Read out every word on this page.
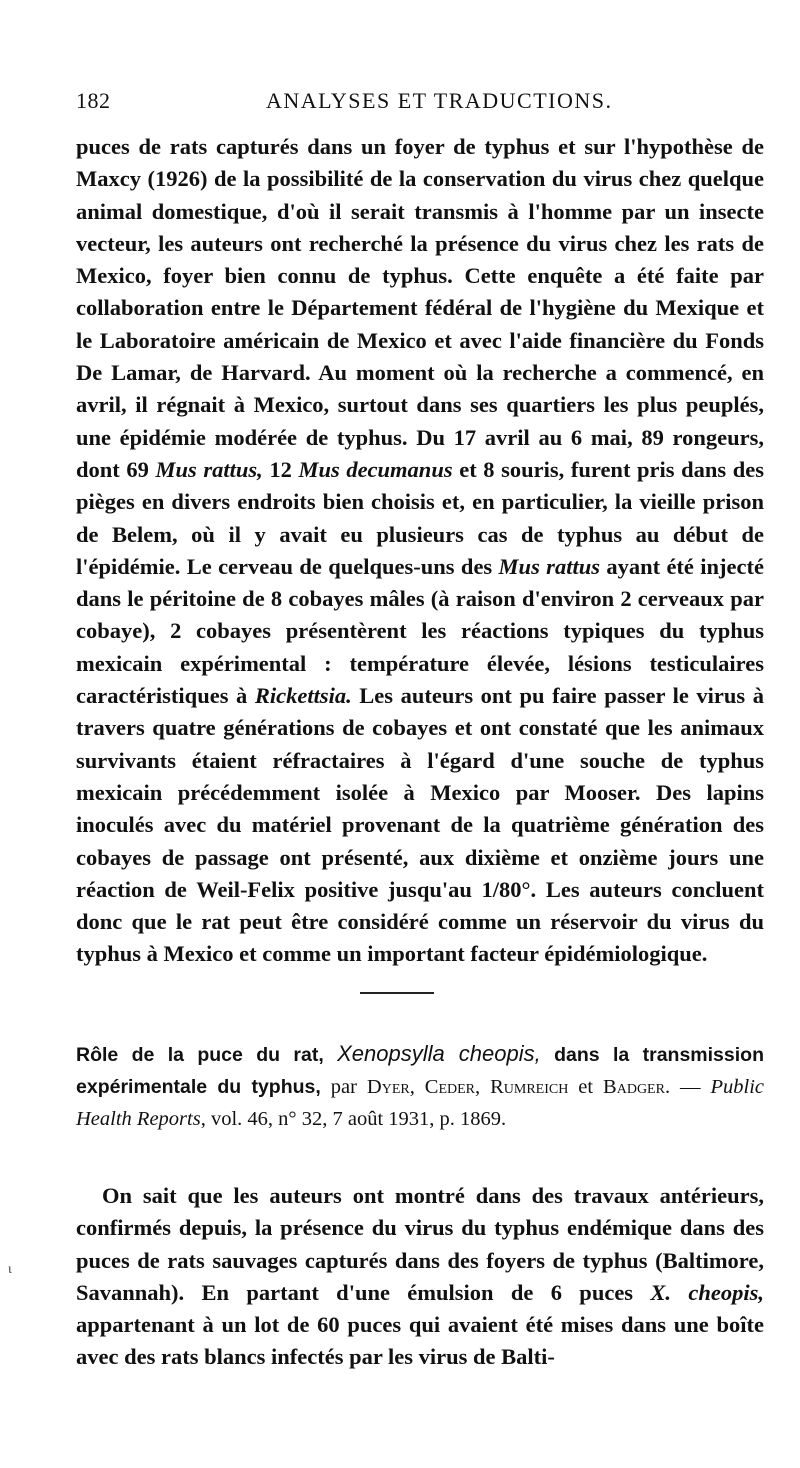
182	ANALYSES ET TRADUCTIONS.

puces de rats capturés dans un foyer de typhus et sur l'hypothèse de Maxcy (1926) de la possibilité de la conservation du virus chez quelque animal domestique, d'où il serait transmis à l'homme par un insecte vecteur, les auteurs ont recherché la présence du virus chez les rats de Mexico, foyer bien connu de typhus. Cette enquête a été faite par collaboration entre le Département fédéral de l'hygiène du Mexique et le Laboratoire américain de Mexico et avec l'aide financière du Fonds De Lamar, de Harvard. Au moment où la recherche a commencé, en avril, il régnait à Mexico, surtout dans ses quartiers les plus peuplés, une épidémie modérée de typhus. Du 17 avril au 6 mai, 89 rongeurs, dont 69 Mus rattus, 12 Mus decumanus et 8 souris, furent pris dans des pièges en divers endroits bien choisis et, en particulier, la vieille prison de Belem, où il y avait eu plusieurs cas de typhus au début de l'épidémie. Le cerveau de quelques-uns des Mus rattus ayant été injecté dans le péritoine de 8 cobayes mâles (à raison d'environ 2 cerveaux par cobaye), 2 cobayes présentèrent les réactions typiques du typhus mexicain expérimental : température élevée, lésions testiculaires caractéristiques à Rickettsia. Les auteurs ont pu faire passer le virus à travers quatre générations de cobayes et ont constaté que les animaux survivants étaient réfractaires à l'égard d'une souche de typhus mexicain précédemment isolée à Mexico par Mooser. Des lapins inoculés avec du matériel provenant de la quatrième génération des cobayes de passage ont présenté, aux dixième et onzième jours une réaction de Weil-Felix positive jusqu'au 1/80°. Les auteurs concluent donc que le rat peut être considéré comme un réservoir du virus du typhus à Mexico et comme un important facteur épidémiologique.

Rôle de la puce du rat, Xenopsylla cheopis, dans la transmission expérimentale du typhus, par Dyer, Ceder, Rumreich et Badger. — Public Health Reports, vol. 46, n° 32, 7 août 1931, p. 1869.

ι

On sait que les auteurs ont montré dans des travaux antérieurs, confirmés depuis, la présence du virus du typhus endémique dans des puces de rats sauvages capturés dans des foyers de typhus (Baltimore, Savannah). En partant d'une émulsion de 6 puces X. cheopis, appartenant à un lot de 60 puces qui avaient été mises dans une boîte avec des rats blancs infectés par les virus de Balti-
